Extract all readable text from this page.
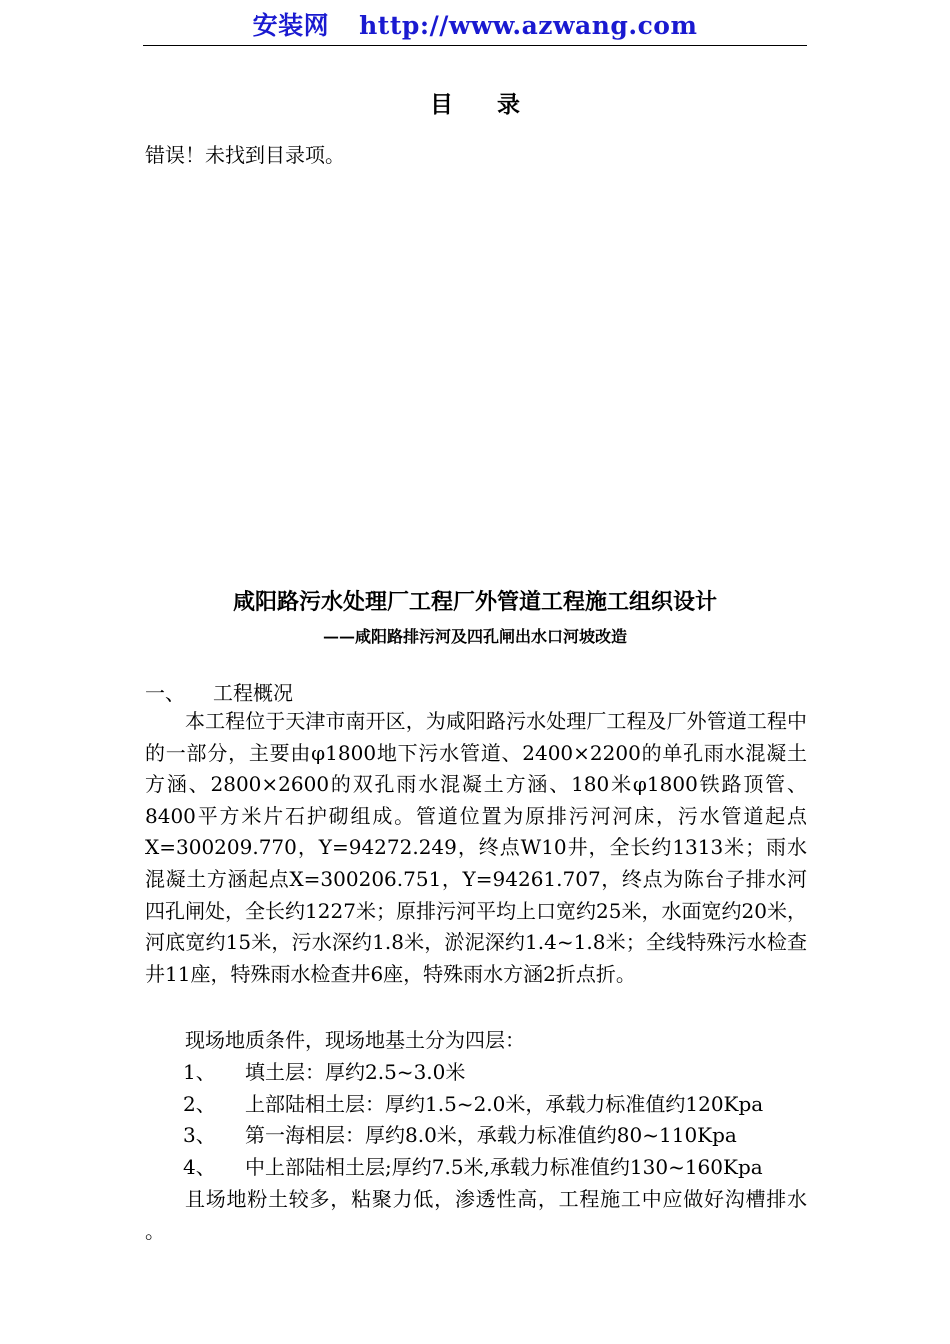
安装网 http://www.azwang.com
目 录
错误！未找到目录项。
咸阳路污水处理厂工程厂外管道工程施工组织设计
——咸阳路排污河及四孔闸出水口河坡改造
一、 工程概况

本工程位于天津市南开区，为咸阳路污水处理厂工程及厂外管道工程中的一部分，主要由φ1800地下污水管道、2400×2200的单孔雨水混凝土方涵、2800×2600的双孔雨水混凝土方涵、180米φ1800铁路顶管、8400平方米片石护砌组成。管道位置为原排污河河床，污水管道起点X=300209.770，Y=94272.249，终点W10井，全长约1313米；雨水混凝土方涵起点X=300206.751，Y=94261.707，终点为陈台子排水河四孔闸处，全长约1227米；原排污河平均上口宽约25米，水面宽约20米，河底宽约15米，污水深约1.8米，淤泥深约1.4~1.8米；全线特殊污水检查井11座，特殊雨水检查井6座，特殊雨水方涵2折点折。

现场地质条件，现场地基土分为四层：

1、 填土层：厚约2.5~3.0米
2、 上部陆相土层：厚约1.5~2.0米，承载力标准值约120Kpa
3、 第一海相层：厚约8.0米，承载力标准值约80~110Kpa
4、 中上部陆相土层;厚约7.5米,承载力标准值约130~160Kpa

且场地粉土较多，粘聚力低，渗透性高，工程施工中应做好沟槽排水 。
